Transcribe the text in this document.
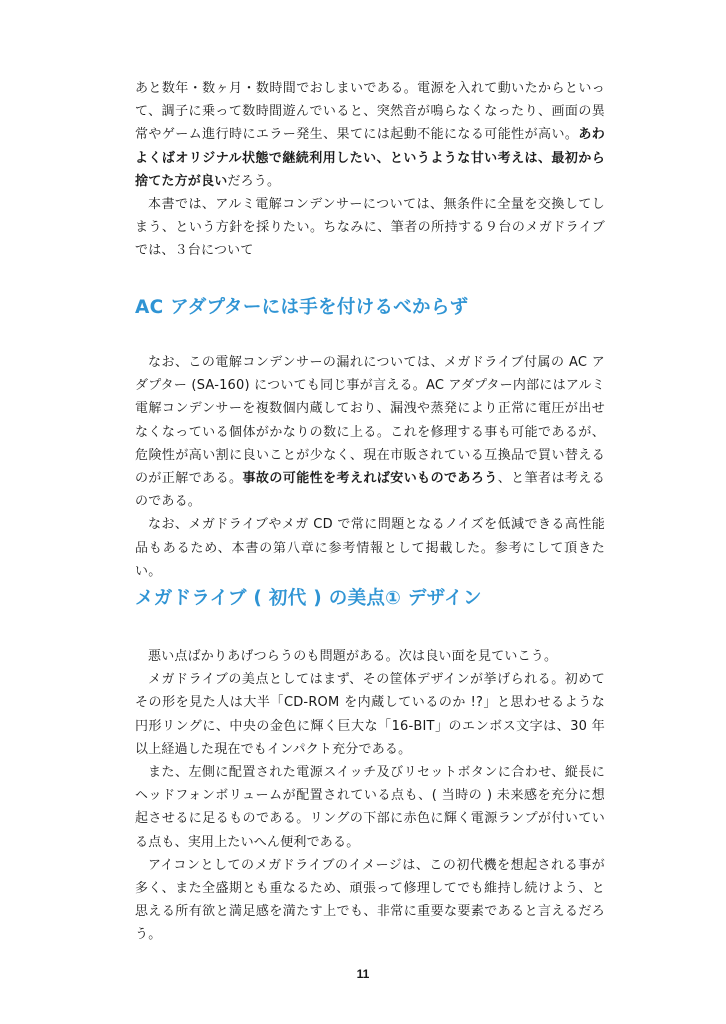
あと数年・数ヶ月・数時間でおしまいである。電源を入れて動いたからといって、調子に乗って数時間遊んでいると、突然音が鳴らなくなったり、画面の異常やゲーム進行時にエラー発生、果てには起動不能になる可能性が高い。あわよくばオリジナル状態で継続利用したい、というような甘い考えは、最初から捨てた方が良いだろう。

本書では、アルミ電解コンデンサーについては、無条件に全量を交換してしまう、という方針を採りたい。ちなみに、筆者の所持する９台のメガドライブでは、３台について

AC アダプターには手を付けるべからず

なお、この電解コンデンサーの漏れについては、メガドライブ付属の AC アダプター (SA-160) についても同じ事が言える。AC アダプター内部にはアルミ電解コンデンサーを複数個内蔵しており、漏洩や蒸発により正常に電圧が出せなくなっている個体がかなりの数に上る。これを修理する事も可能であるが、危険性が高い割に良いことが少なく、現在市販されている互換品で買い替えるのが正解である。事故の可能性を考えれば安いものであろう、と筆者は考えるのである。

なお、メガドライブやメガ CD で常に問題となるノイズを低減できる高性能品もあるため、本書の第八章に参考情報として掲載した。参考にして頂きたい。

メガドライブ ( 初代 ) の美点① デザイン

悪い点ばかりあげつらうのも問題がある。次は良い面を見ていこう。

メガドライブの美点としてはまず、その筐体デザインが挙げられる。初めてその形を見た人は大半「CD-ROM を内蔵しているのか !?」と思わせるような円形リングに、中央の金色に輝く巨大な「16-BIT」のエンボス文字は、30 年以上経過した現在でもインパクト充分である。

また、左側に配置された電源スイッチ及びリセットボタンに合わせ、縦長にヘッドフォンボリュームが配置されている点も、( 当時の ) 未来感を充分に想起させるに足るものである。リングの下部に赤色に輝く電源ランプが付いている点も、実用上たいへん便利である。

アイコンとしてのメガドライブのイメージは、この初代機を想起される事が多く、また全盛期とも重なるため、頑張って修理してでも維持し続けよう、と思える所有欲と満足感を満たす上でも、非常に重要な要素であると言えるだろう。

11
